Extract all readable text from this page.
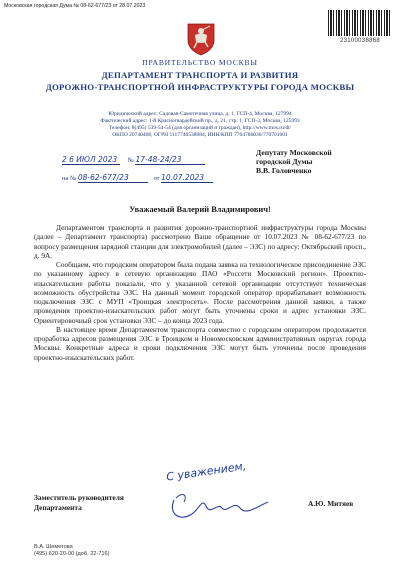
Московская городская Дума № 08-62-677/23 от 28.07.2023
23100038868
ПРАВИТЕЛЬСТВО МОСКВЫ
ДЕПАРТАМЕНТ ТРАНСПОРТА И РАЗВИТИЯ
ДОРОЖНО-ТРАНСПОРТНОЙ ИНФРАСТРУКТУРЫ ГОРОДА МОСКВЫ
Юридический адрес: Садовая-Самотечная улица, д. 1, ГСП-4, Москва, 127994
Фактический адрес: 1-й Красногвардейский пр., д. 21, стр. 1, ГСП-3, Москва, 125993
Телефон: 8(495) 539-54-54 (для организаций и граждан), http://www.mos.ru/dt/
ОКПО 20740408, ОГРН 1117746538084, ИНН/КПП 7704786030/770701001
2 6 ИЮЛ 2023 № 17-48-24/23
на № 08-62-677/23	от 10.07.2023
Депутату Московской
городской Думы
В.В. Головченко
Уважаемый Валерий Владимирович!

Департаментом транспорта и развития дорожно-транспортной инфраструктуры города Москвы (далее – Департамент транспорта) рассмотрено Ваше обращение от 10.07.2023 № 08-62-677/23 по вопросу размещения зарядной станции для электромобилей (далее – ЭЗС) по адресу: Октябрьский просп., д. 9А.

Сообщаем, что городским оператором была подана заявка на технологическое присоединение ЭЗС по указанному адресу в сетевую организацию ПАО «Россети Московский регион». Проектно-изыскательские работы показали, что у указанной сетевой организации отсутствует техническая возможность обустройства ЭЗС. На данный момент городской оператор прорабатывает возможность подключения ЭЗС с МУП «Троицкая электросеть». После рассмотрения данной заявки, а также проведения проектно-изыскательских работ могут быть уточнены сроки и адрес установки ЭЗС. Ориентировочный срок установки ЭЗС – до конца 2023 года.

В настоящее время Департаментом транспорта совместно с городским оператором продолжается проработка адресов размещения ЭЗС в Троицком и Новомосковском административных округах города Москвы. Конкретные адреса и сроки подключения ЭЗС могут быть уточнены после проведения проектно-изыскательских работ.

С уважением,
Заместитель руководителя
Департамента	А.Ю. Митяев
В.А. Шеметова
(495) 620-20-00 (доб. 22-716)
